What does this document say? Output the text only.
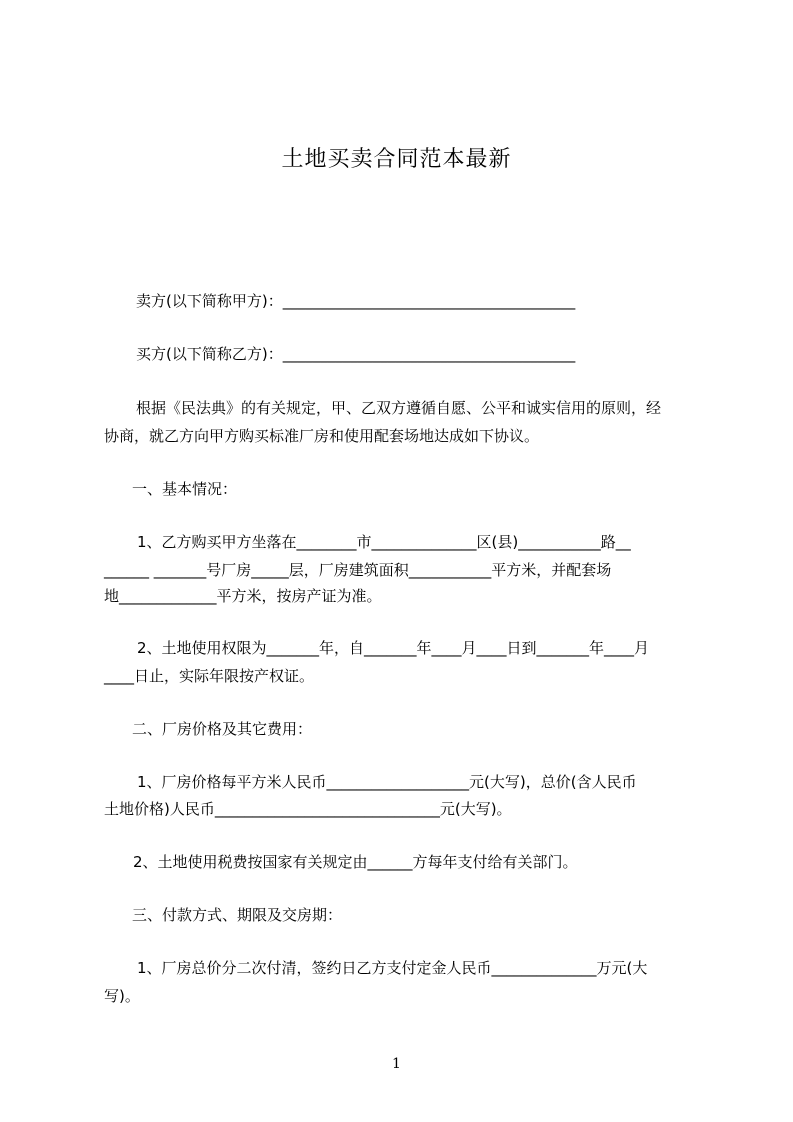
土地买卖合同范本最新
卖方(以下简称甲方)：_______________________________________
买方(以下简称乙方)：_______________________________________
根据《民法典》的有关规定，甲、乙双方遵循自愿、公平和诚实信用的原则，经
协商，就乙方向甲方购买标准厂房和使用配套场地达成如下协议。
一、基本情况：
1、乙方购买甲方坐落在________市______________区(县)___________路__
______ _______号厂房_____层，厂房建筑面积___________平方米，并配套场
地_____________平方米，按房产证为准。
2、土地使用权限为_______年，自_______年____月____日到_______年____月
____日止，实际年限按产权证。
二、厂房价格及其它费用：
1、厂房价格每平方米人民币___________________元(大写)，总价(含人民币
土地价格)人民币______________________________元(大写)。
2、土地使用税费按国家有关规定由______方每年支付给有关部门。
三、付款方式、期限及交房期：
1、厂房总价分二次付清，签约日乙方支付定金人民币______________万元(大
写)。
1
